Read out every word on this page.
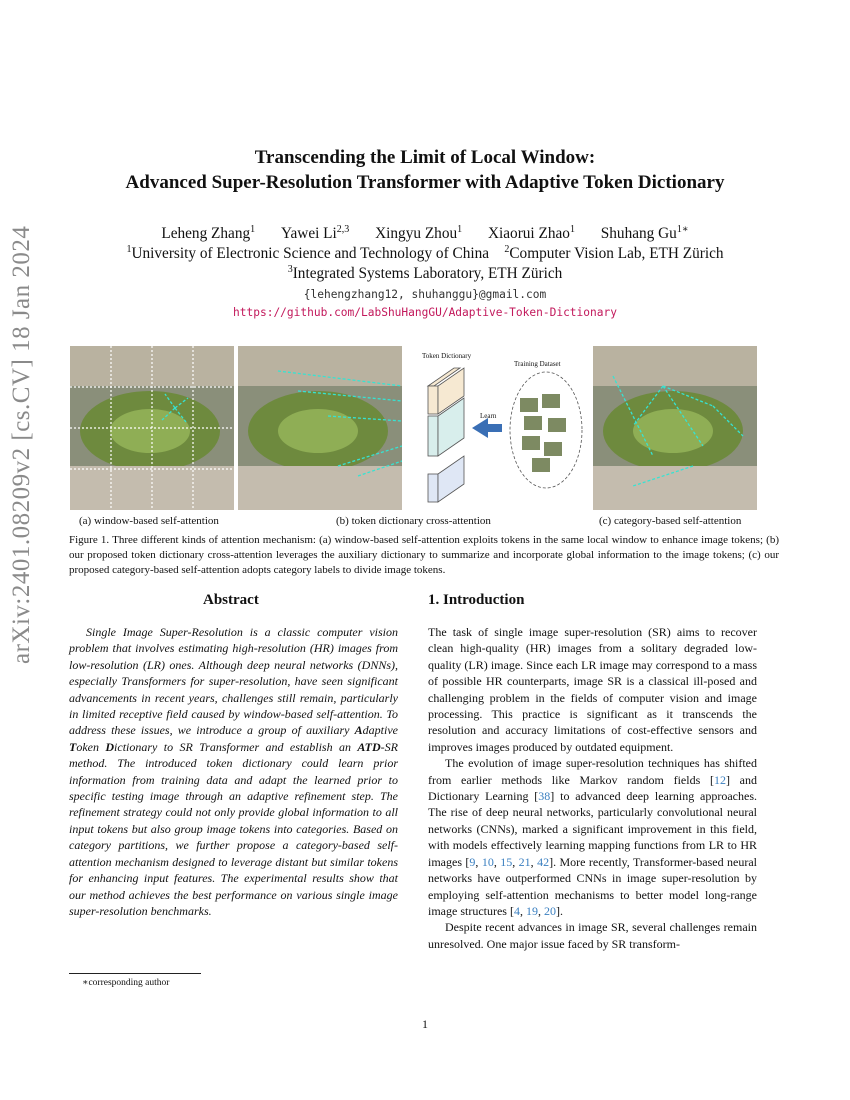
arXiv:2401.08209v2 [cs.CV] 18 Jan 2024
Transcending the Limit of Local Window:
Advanced Super-Resolution Transformer with Adaptive Token Dictionary
Leheng Zhang$^1$ Yawei Li$^{2,3}$ Xingyu Zhou$^1$ Xiaorui Zhao$^1$ Shuhang $Gu^{1∗}$
$^1$University of Electronic Science and Technology of China $^2$Computer Vision Lab, ETH Zürich
$^3$Integrated Systems Laboratory, ETH Zürich
{lehengzhang12, shuhanggu}@gmail.com
https://github.com/LabShuHangGU/Adaptive-Token-Dictionary
Token Dictionary
Training Dataset
Learn
(a) window-based self-attention	(b) token dictionary cross-attention	(c) category-based self-attention
Figure 1. Three different kinds of attention mechanism: (a) window-based self-attention exploits tokens in the same local window to enhance image tokens; (b) our proposed token dictionary cross-attention leverages the auxiliary dictionary to summarize and incorporate global information to the image tokens; (c) our proposed category-based self-attention adopts category labels to divide image tokens.
Abstract	1. Introduction

Single Image Super-Resolution is a classic computer vision problem that involves estimating high-resolution (HR) images from low-resolution (LR) ones. Although deep neural networks (DNNs), especially Transformers for super-resolution, have seen significant advancements in recent years, challenges still remain, particularly in limited receptive field caused by window-based self-attention. To address these issues, we introduce a group of auxiliary Adaptive Token Dictionary to SR Transformer and establish an ATD-SR method. The introduced token dictionary could learn prior information from training data and adapt the learned prior to specific testing image through an adaptive refinement step. The refinement strategy could not only provide global information to all input tokens but also group image tokens into categories. Based on category partitions, we further propose a category-based self-attention mechanism designed to leverage distant but similar tokens for enhancing input features. The experimental results show that our method achieves the best performance on various single image super-resolution benchmarks.

The task of single image super-resolution (SR) aims to recover clean high-quality (HR) images from a solitary degraded low-quality (LR) image. Since each LR image may correspond to a mass of possible HR counterparts, image SR is a classical ill-posed and challenging problem in the fields of computer vision and image processing. This practice is significant as it transcends the resolution and accuracy limitations of cost-effective sensors and improves images produced by outdated equipment.

The evolution of image super-resolution techniques has shifted from earlier methods like Markov random fields [12] and Dictionary Learning [38] to advanced deep learning approaches. The rise of deep neural networks, particularly convolutional neural networks (CNNs), marked a significant improvement in this field, with models effectively learning mapping functions from LR to HR images [9, 10, 15, 21, 42]. More recently, Transformer-based neural networks have outperformed CNNs in image super-resolution by employing self-attention mechanisms to better model long-range image structures [4, 19, 20].

Despite recent advances in image SR, several challenges remain unresolved. One major issue faced by SR transform-

∗corresponding author
1
